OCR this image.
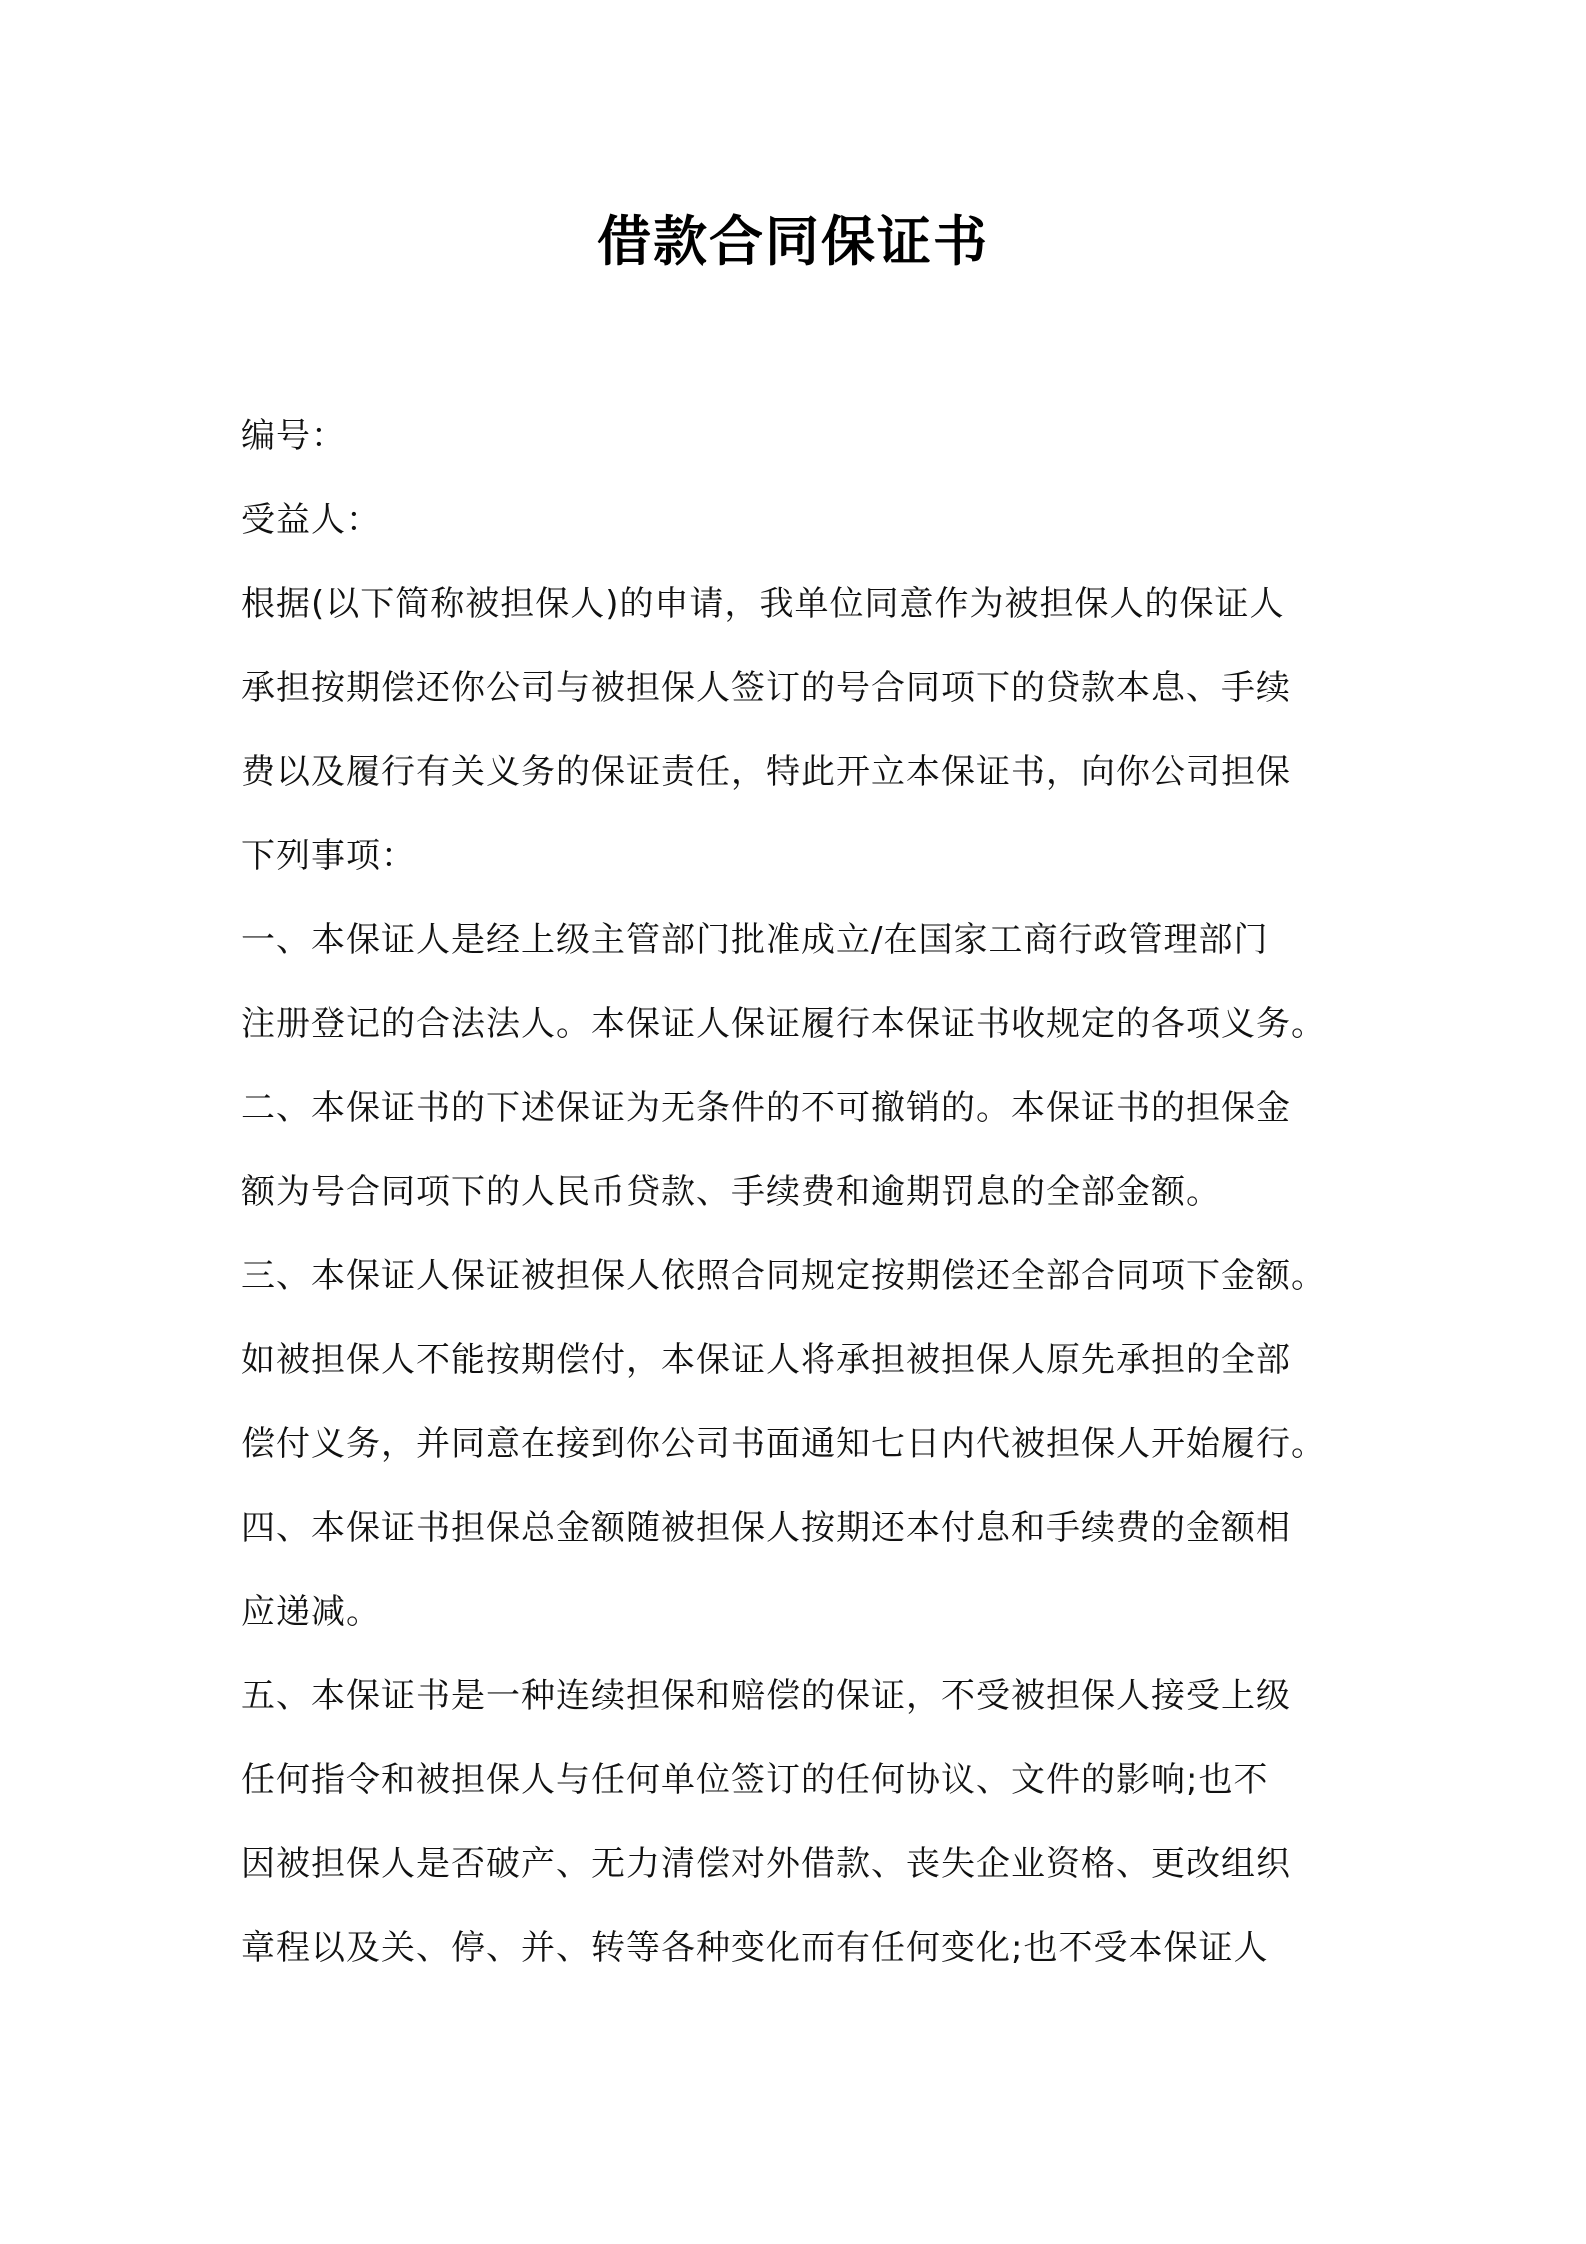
借款合同保证书

编号：

受益人：

根据(以下简称被担保人)的申请，我单位同意作为被担保人的保证人

承担按期偿还你公司与被担保人签订的号合同项下的贷款本息、手续

费以及履行有关义务的保证责任，特此开立本保证书，向你公司担保

下列事项：

一、本保证人是经上级主管部门批准成立/在国家工商行政管理部门

注册登记的合法法人。本保证人保证履行本保证书收规定的各项义务。

二、本保证书的下述保证为无条件的不可撤销的。本保证书的担保金

额为号合同项下的人民币贷款、手续费和逾期罚息的全部金额。

三、本保证人保证被担保人依照合同规定按期偿还全部合同项下金额。

如被担保人不能按期偿付，本保证人将承担被担保人原先承担的全部

偿付义务，并同意在接到你公司书面通知七日内代被担保人开始履行。

四、本保证书担保总金额随被担保人按期还本付息和手续费的金额相

应递减。

五、本保证书是一种连续担保和赔偿的保证，不受被担保人接受上级

任何指令和被担保人与任何单位签订的任何协议、文件的影响;也不

因被担保人是否破产、无力清偿对外借款、丧失企业资格、更改组织

章程以及关、停、并、转等各种变化而有任何变化;也不受本保证人
